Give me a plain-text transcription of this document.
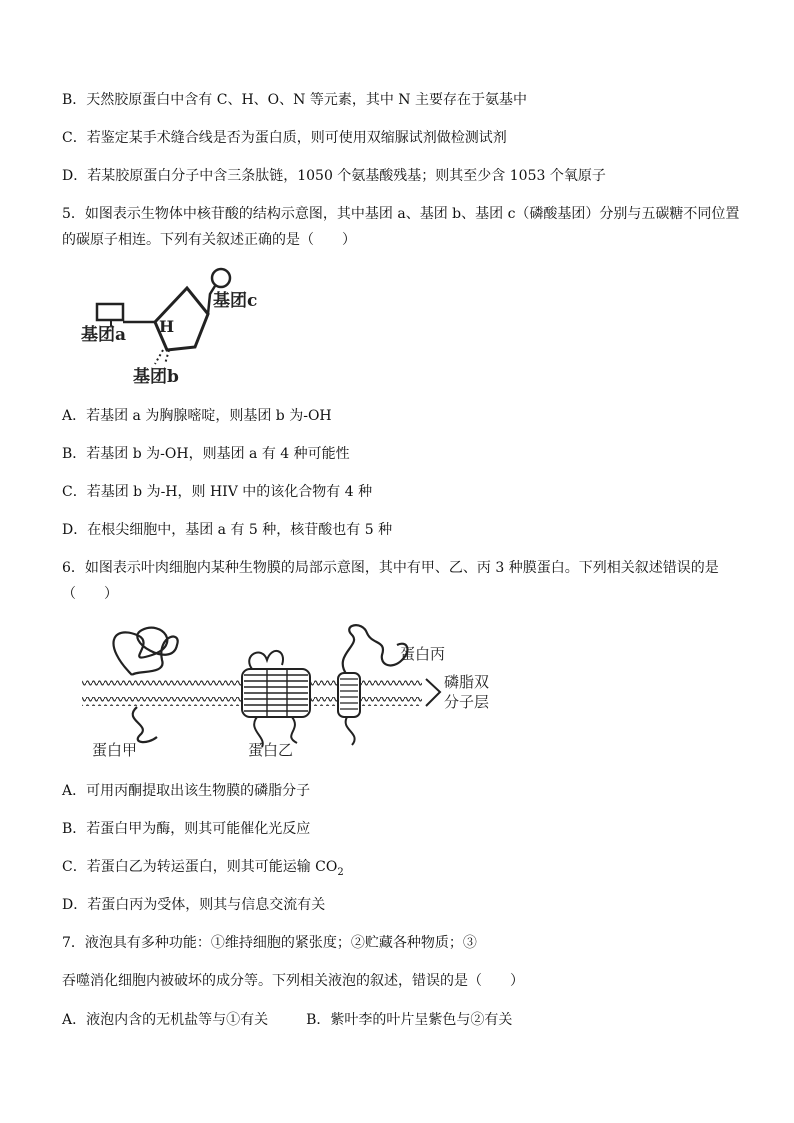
B．天然胶原蛋白中含有 C、H、O、N 等元素，其中 N 主要存在于氨基中
C．若鉴定某手术缝合线是否为蛋白质，则可使用双缩脲试剂做检测试剂
D．若某胶原蛋白分子中含三条肽链，1050 个氨基酸残基；则其至少含 1053 个氧原子
5．如图表示生物体中核苷酸的结构示意图，其中基团 a、基团 b、基团 c（磷酸基团）分别与五碳糖不同位置
的碳原子相连。下列有关叙述正确的是（　　）
基团a H
基团c
基团b
A．若基团 a 为胸腺嘧啶，则基团 b 为-OH
B．若基团 b 为-OH，则基团 a 有 4 种可能性
C．若基团 b 为-H，则 HIV 中的该化合物有 4 种
D．在根尖细胞中，基团 a 有 5 种，核苷酸也有 5 种
6．如图表示叶肉细胞内某种生物膜的局部示意图，其中有甲、乙、丙 3 种膜蛋白。下列相关叙述错误的是
（　　）
蛋白丙
磷脂双
分子层
蛋白甲	蛋白乙
A．可用丙酮提取出该生物膜的磷脂分子
B．若蛋白甲为酶，则其可能催化光反应
C．若蛋白乙为转运蛋白，则其可能运输 $CO_2$
D．若蛋白丙为受体，则其与信息交流有关
7．液泡具有多种功能：①维持细胞的紧张度；②贮藏各种物质；③
吞噬消化细胞内被破坏的成分等。下列相关液泡的叙述，错误的是（　　）
A．液泡内含的无机盐等与①有关	B．紫叶李的叶片呈紫色与②有关
